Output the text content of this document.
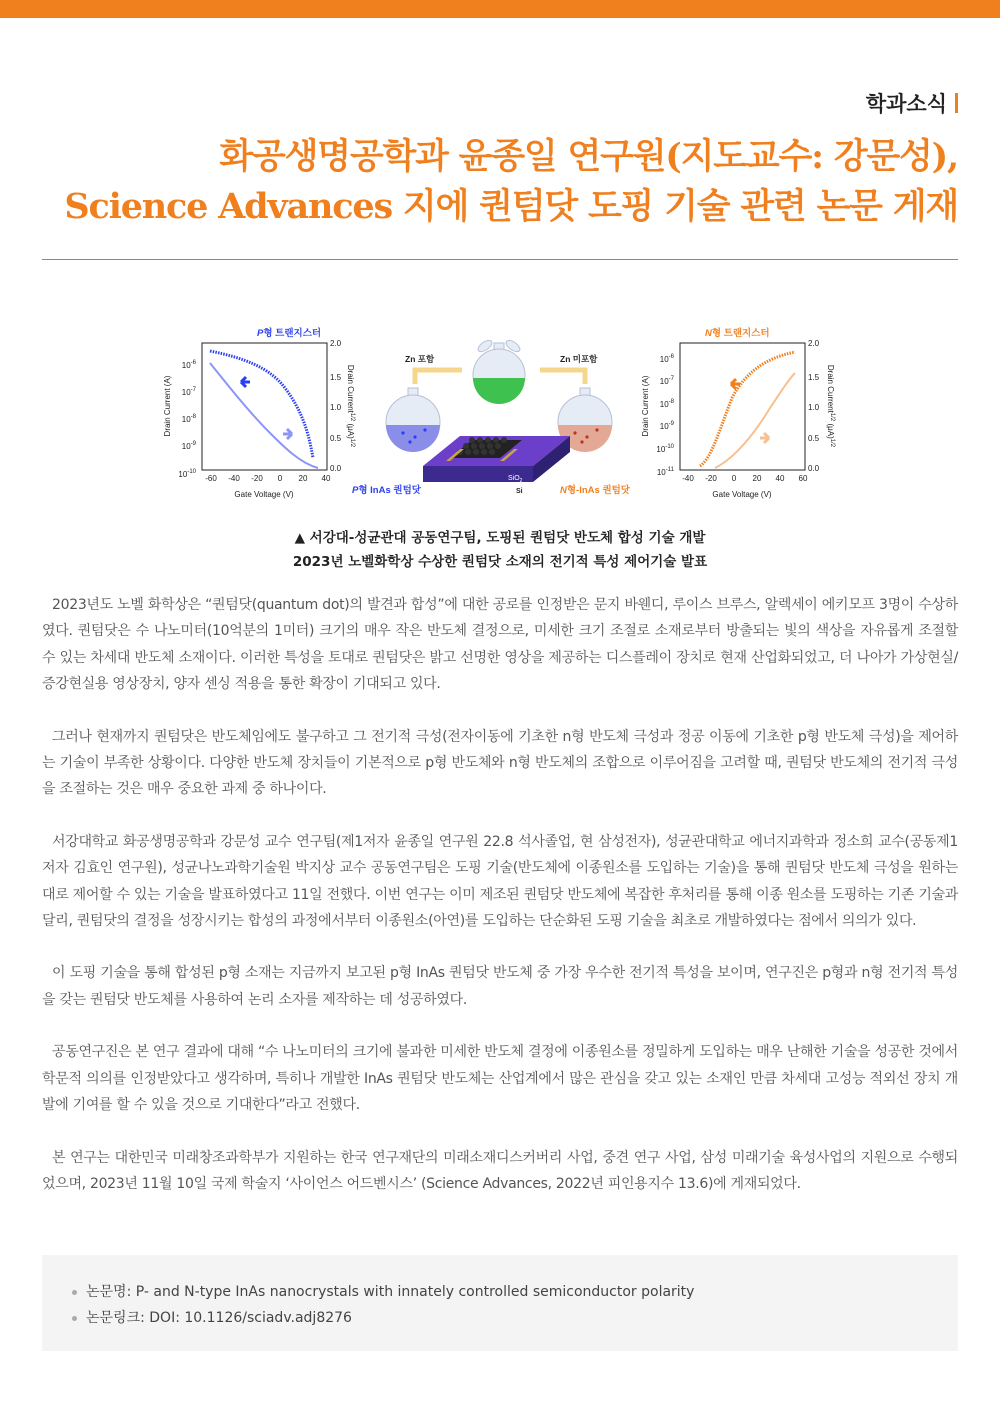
학과소식
화공생명공학과 윤종일 연구원(지도교수: 강문성),
Science Advances 지에 퀀텀닷 도핑 기술 관련 논문 게재
P형 트랜지스터
$10^{-6}$
$10^{-7}$
$10^{-8}$
$10^{-9}$
$10^{-10}$
Drain Current (A)
2.0
1.5
1.0
0.5
0.0
Drain Current$^{1/2}$ $(\mu A)^{1/2}$
-60 -40 -20 0 20 40
Gate Voltage (V)
Zn 포함	Zn 미포함
SiO$_2$
Si
P형 InAs 퀀텀닷	N형-InAs 퀀텀닷
N형 트랜지스터
$10^{-6}$
$10^{-7}$
$10^{-8}$
$10^{-9}$
$10^{-10}$
$10^{-11}$
Drain Current (A)
2.0
1.5
1.0
0.5
0.0
Drain Current$^{1/2}$ $(\mu A)^{1/2}$
-40 -20 0 20 40 60
Gate Voltage (V)
▲ 서강대-성균관대 공동연구팀, 도핑된 퀀텀닷 반도체 합성 기술 개발
2023년 노벨화학상 수상한 퀀텀닷 소재의 전기적 특성 제어기술 발표

2023년도 노벨 화학상은 “퀀텀닷(quantum dot)의 발견과 합성”에 대한 공로를 인정받은 문지 바웬디, 루이스 브루스, 알렉세이 에키모프 3명이 수상하였다. 퀀텀닷은 수 나노미터(10억분의 1미터) 크기의 매우 작은 반도체 결정으로, 미세한 크기 조절로 소재로부터 방출되는 빛의 색상을 자유롭게 조절할 수 있는 차세대 반도체 소재이다. 이러한 특성을 토대로 퀀텀닷은 밝고 선명한 영상을 제공하는 디스플레이 장치로 현재 산업화되었고, 더 나아가 가상현실/증강현실용 영상장치, 양자 센싱 적용을 통한 확장이 기대되고 있다.

그러나 현재까지 퀀텀닷은 반도체임에도 불구하고 그 전기적 극성(전자이동에 기초한 n형 반도체 극성과 정공 이동에 기초한 p형 반도체 극성)을 제어하는 기술이 부족한 상황이다. 다양한 반도체 장치들이 기본적으로 p형 반도체와 n형 반도체의 조합으로 이루어짐을 고려할 때, 퀀텀닷 반도체의 전기적 극성을 조절하는 것은 매우 중요한 과제 중 하나이다.

서강대학교 화공생명공학과 강문성 교수 연구팀(제1저자 윤종일 연구원 22.8 석사졸업, 현 삼성전자), 성균관대학교 에너지과학과 정소희 교수(공동제1저자 김효인 연구원), 성균나노과학기술원 박지상 교수 공동연구팀은 도핑 기술(반도체에 이종원소를 도입하는 기술)을 통해 퀀텀닷 반도체 극성을 원하는대로 제어할 수 있는 기술을 발표하였다고 11일 전했다. 이번 연구는 이미 제조된 퀀텀닷 반도체에 복잡한 후처리를 통해 이종 원소를 도핑하는 기존 기술과 달리, 퀀텀닷의 결정을 성장시키는 합성의 과정에서부터 이종원소(아연)를 도입하는 단순화된 도핑 기술을 최초로 개발하였다는 점에서 의의가 있다.

이 도핑 기술을 통해 합성된 p형 소재는 지금까지 보고된 p형 InAs 퀀텀닷 반도체 중 가장 우수한 전기적 특성을 보이며, 연구진은 p형과 n형 전기적 특성을 갖는 퀀텀닷 반도체를 사용하여 논리 소자를 제작하는 데 성공하였다.

공동연구진은 본 연구 결과에 대해 “수 나노미터의 크기에 불과한 미세한 반도체 결정에 이종원소를 정밀하게 도입하는 매우 난해한 기술을 성공한 것에서 학문적 의의를 인정받았다고 생각하며, 특히나 개발한 InAs 퀀텀닷 반도체는 산업계에서 많은 관심을 갖고 있는 소재인 만큼 차세대 고성능 적외선 장치 개발에 기여를 할 수 있을 것으로 기대한다”라고 전했다.

본 연구는 대한민국 미래창조과학부가 지원하는 한국 연구재단의 미래소재디스커버리 사업, 중견 연구 사업, 삼성 미래기술 육성사업의 지원으로 수행되었으며, 2023년 11월 10일 국제 학술지 ‘사이언스 어드벤시스’ (Science Advances, 2022년 피인용지수 13.6)에 게재되었다.

논문명: P- and N-type InAs nanocrystals with innately controlled semiconductor polarity
논문링크: DOI: 10.1126/sciadv.adj8276
